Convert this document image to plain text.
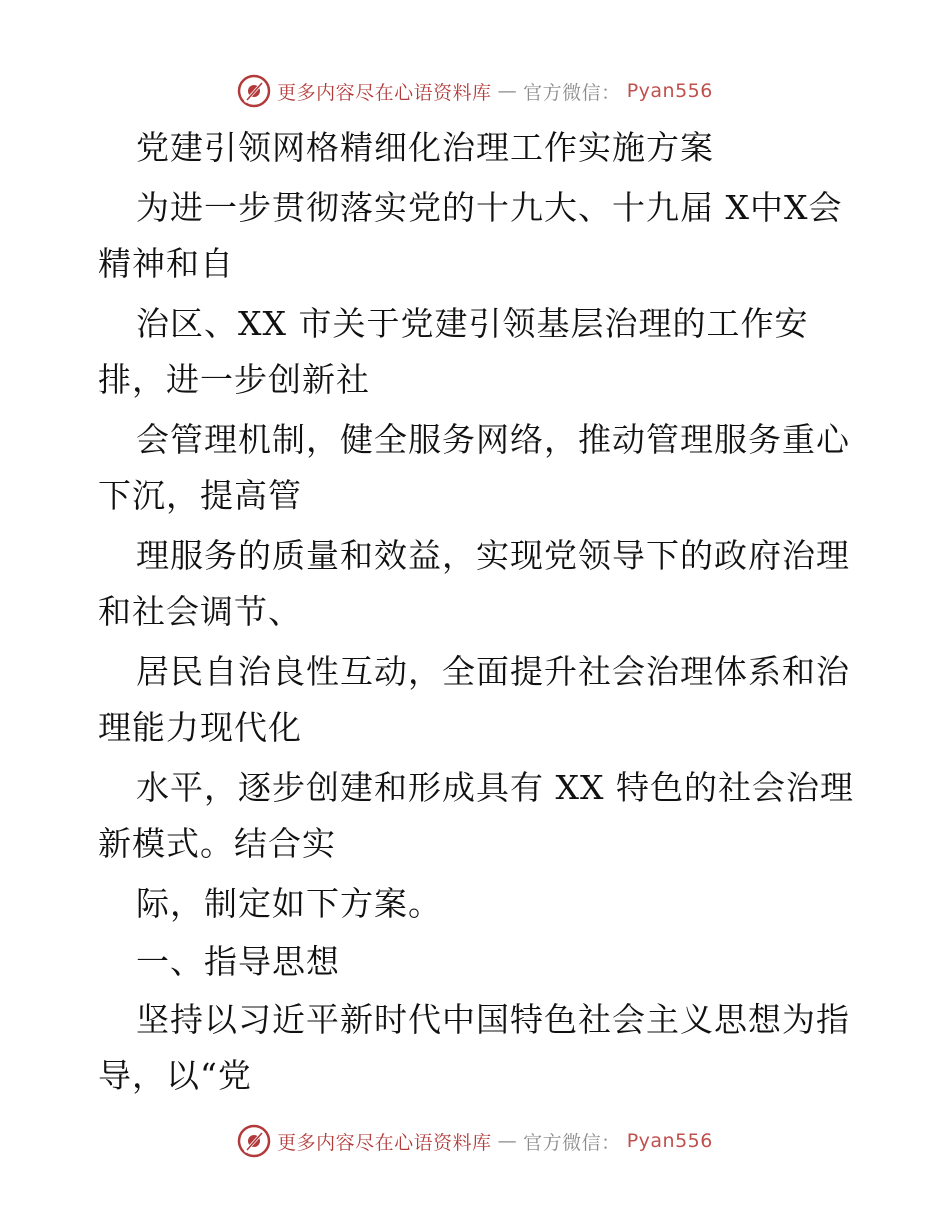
更多内容尽在心语资料库 — 官方微信： Pyan556
党建引领网格精细化治理工作实施方案
为进一步贯彻落实党的十九大、十九届 X中X会
精神和自
治区、XX 市关于党建引领基层治理的工作安
排，进一步创新社
会管理机制，健全服务网络，推动管理服务重心
下沉，提高管
理服务的质量和效益，实现党领导下的政府治理
和社会调节、
居民自治良性互动，全面提升社会治理体系和治
理能力现代化
水平，逐步创建和形成具有 XX 特色的社会治理
新模式。结合实
际，制定如下方案。
一、指导思想
坚持以习近平新时代中国特色社会主义思想为指
导，以“党
更多内容尽在心语资料库 — 官方微信： Pyan556
